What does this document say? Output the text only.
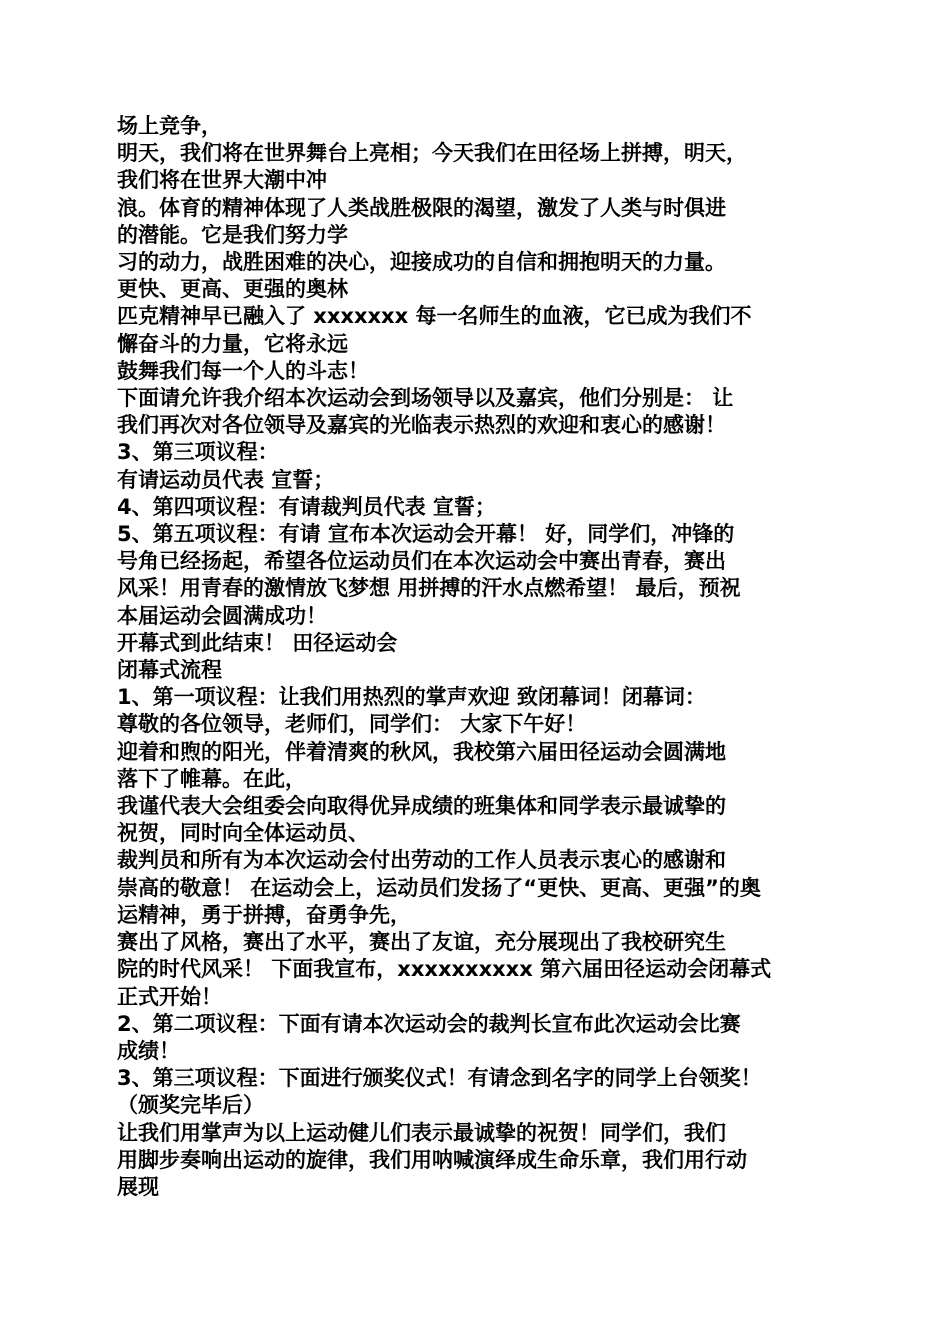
场上竞争，
明天，我们将在世界舞台上亮相；今天我们在田径场上拼搏，明天，
我们将在世界大潮中冲
浪。体育的精神体现了人类战胜极限的渴望，激发了人类与时俱进
的潜能。它是我们努力学
习的动力，战胜困难的决心，迎接成功的自信和拥抱明天的力量。
更快、更高、更强的奥林
匹克精神早已融入了 xxxxxxx 每一名师生的血液，它已成为我们不
懈奋斗的力量，它将永远
鼓舞我们每一个人的斗志！
下面请允许我介绍本次运动会到场领导以及嘉宾，他们分别是： 让
我们再次对各位领导及嘉宾的光临表示热烈的欢迎和衷心的感谢！
3、第三项议程：
有请运动员代表 宣誓；
4、第四项议程：有请裁判员代表 宣誓；
5、第五项议程：有请 宣布本次运动会开幕！ 好，同学们，冲锋的
号角已经扬起，希望各位运动员们在本次运动会中赛出青春，赛出
风采！用青春的激情放飞梦想 用拼搏的汗水点燃希望！ 最后，预祝
本届运动会圆满成功！
开幕式到此结束！ 田径运动会
闭幕式流程
1、第一项议程：让我们用热烈的掌声欢迎 致闭幕词！闭幕词：
尊敬的各位领导，老师们，同学们： 大家下午好！
迎着和煦的阳光，伴着清爽的秋风，我校第六届田径运动会圆满地
落下了帷幕。在此，
我谨代表大会组委会向取得优异成绩的班集体和同学表示最诚挚的
祝贺，同时向全体运动员、
裁判员和所有为本次运动会付出劳动的工作人员表示衷心的感谢和
崇高的敬意！ 在运动会上，运动员们发扬了“更快、更高、更强”的奥
运精神，勇于拼搏，奋勇争先，
赛出了风格，赛出了水平，赛出了友谊，充分展现出了我校研究生
院的时代风采！ 下面我宣布，xxxxxxxxxx 第六届田径运动会闭幕式
正式开始！
2、第二项议程：下面有请本次运动会的裁判长宣布此次运动会比赛
成绩！
3、第三项议程：下面进行颁奖仪式！有请念到名字的同学上台领奖！
（颁奖完毕后）
让我们用掌声为以上运动健儿们表示最诚挚的祝贺！同学们，我们
用脚步奏响出运动的旋律，我们用呐喊演绎成生命乐章，我们用行动
展现
